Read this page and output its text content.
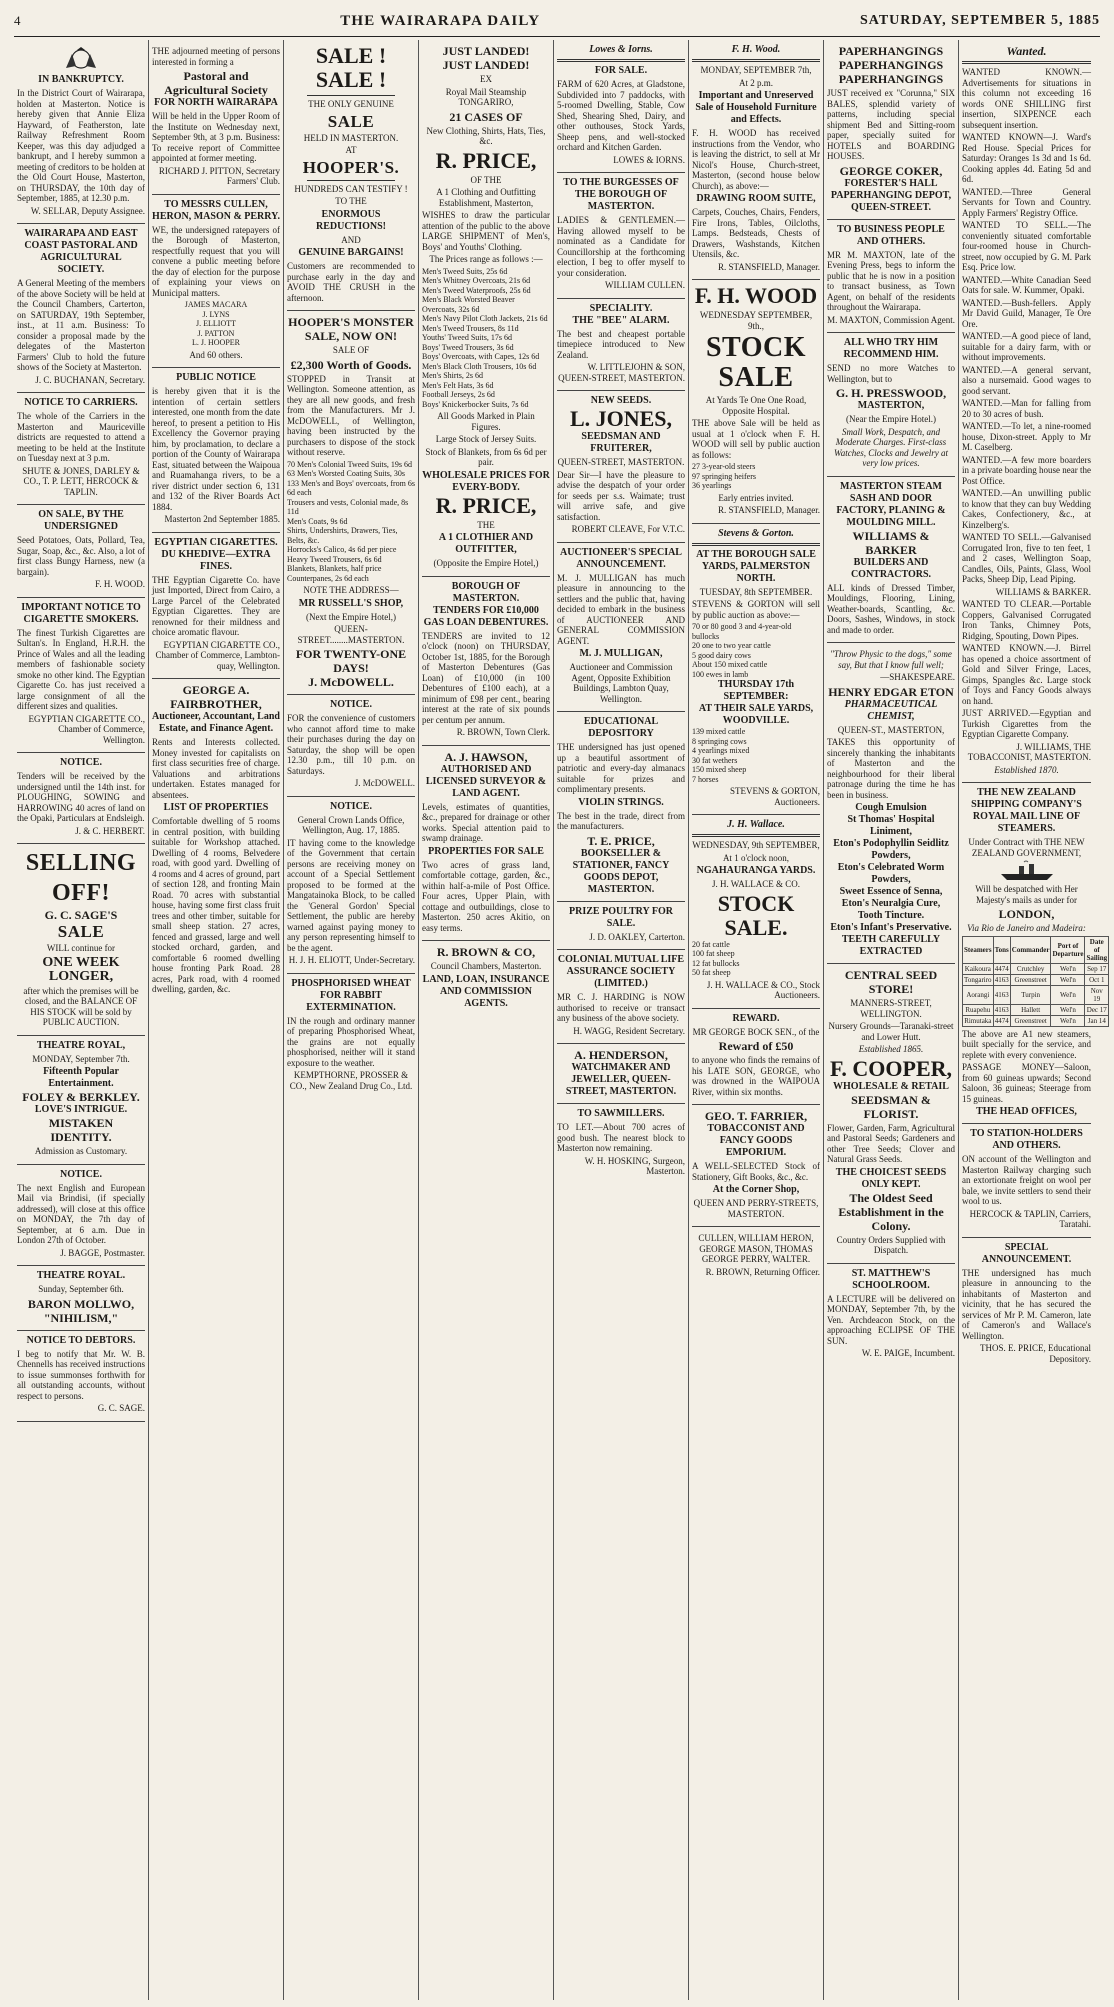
4	THE WAIRARAPA DAILY	SATURDAY, SEPTEMBER 5, 1885
IN BANKRUPTCY.

In the District Court of Wairarapa, holden at Masterton. Notice is hereby given that Annie Eliza Hayward, of Featherston, late Railway Refreshment Room Keeper, was this day adjudged a bankrupt, and I hereby summon a meeting of creditors to be holden at the Old Court House, Masterton, on THURSDAY, the 10th day of September, 1885, at 12.30 p.m.

W. SELLAR, Deputy Assignee.

WAIRARAPA AND EAST COAST PASTORAL AND AGRICULTURAL SOCIETY.

A General Meeting of the members of the above Society will be held at the Council Chambers, Carterton, on SATURDAY, 19th September, inst., at 11 a.m. Business: To consider a proposal made by the delegates of the Masterton Farmers' Club to hold the future shows of the Society at Masterton.

J. C. BUCHANAN, Secretary.

NOTICE TO CARRIERS.

The whole of the Carriers in the Masterton and Mauriceville districts are requested to attend a meeting to be held at the Institute on Tuesday next at 3 p.m.

SHUTE & JONES, DARLEY & CO., T. P. LETT, HERCOCK & TAPLIN.

ON SALE, BY THE UNDERSIGNED

Seed Potatoes, Oats, Pollard, Tea, Sugar, Soap, &c., &c. Also, a lot of first class Bungy Harness, new (a bargain).

F. H. WOOD.

IMPORTANT NOTICE TO CIGARETTE SMOKERS.

The finest Turkish Cigarettes are Sultan's. In England, H.R.H. the Prince of Wales and all the leading members of fashionable society smoke no other kind. The Egyptian Cigarette Co. has just received a large consignment of all the different sizes and qualities.

EGYPTIAN CIGARETTE CO., Chamber of Commerce, Wellington.

NOTICE.

Tenders will be received by the undersigned until the 14th inst. for PLOUGHING, SOWING and HARROWING 40 acres of land on the Opaki, Particulars at Endsleigh.

J. & C. HERBERT.

SELLING OFF!
G. C. SAGE'S
SALE

WILL continue for

ONE WEEK LONGER,

after which the premises will be closed, and the BALANCE OF HIS STOCK will be sold by PUBLIC AUCTION.

THEATRE ROYAL,

MONDAY, September 7th.

Fifteenth Popular Entertainment.
FOLEY & BERKLEY.
LOVE'S INTRIGUE.
MISTAKEN IDENTITY.

Admission as Customary.

NOTICE.

The next English and European Mail via Brindisi, (if specially addressed), will close at this office on MONDAY, the 7th day of September, at 6 a.m. Due in London 27th of October.

J. BAGGE, Postmaster.

THEATRE ROYAL.

Sunday, September 6th.

BARON MOLLWO,
"NIHILISM,"
NOTICE TO DEBTORS.

I beg to notify that Mr. W. B. Chennells has received instructions to issue summonses forthwith for all outstanding accounts, without respect to persons.

G. C. SAGE.

THE adjourned meeting of persons interested in forming a

Pastoral and Agricultural Society
FOR NORTH WAIRARAPA

Will be held in the Upper Room of the Institute on Wednesday next, September 9th, at 3 p.m. Business: To receive report of Committee appointed at former meeting.

RICHARD J. PITTON, Secretary Farmers' Club.

TO MESSRS CULLEN, HERON, MASON & PERRY.

WE, the undersigned ratepayers of the Borough of Masterton, respectfully request that you will convene a public meeting before the day of election for the purpose of explaining your views on Municipal matters.

JAMES MACARA
J. LYNS
J. ELLIOTT
J. PATTON
L. J. HOOPER

And 60 others.

PUBLIC NOTICE

is hereby given that it is the intention of certain settlers interested, one month from the date hereof, to present a petition to His Excellency the Governor praying him, by proclamation, to declare a portion of the County of Wairarapa East, situated between the Waipoua and Ruamahanga rivers, to be a river district under section 6, 131 and 132 of the River Boards Act 1884.

Masterton 2nd September 1885.

EGYPTIAN CIGARETTES.
DU KHEDIVE—EXTRA FINES.

THE Egyptian Cigarette Co. have just Imported, Direct from Cairo, a Large Parcel of the Celebrated Egyptian Cigarettes. They are renowned for their mildness and choice aromatic flavour.

EGYPTIAN CIGARETTE CO., Chamber of Commerce, Lambton-quay, Wellington.

GEORGE A. FAIRBROTHER,
Auctioneer, Accountant, Land Estate, and Finance Agent.

Rents and Interests collected. Money invested for capitalists on first class securities free of charge. Valuations and arbitrations undertaken. Estates managed for absentees.

LIST OF PROPERTIES

Comfortable dwelling of 5 rooms in central position, with building suitable for Workshop attached. Dwelling of 4 rooms, Belvedere road, with good yard. Dwelling of 4 rooms and 4 acres of ground, part of section 128, and fronting Main Road. 70 acres with substantial house, having some first class fruit trees and other timber, suitable for small sheep station. 27 acres, fenced and grassed, large and well stocked orchard, garden, and comfortable 6 roomed dwelling house fronting Park Road. 28 acres, Park road, with 4 roomed dwelling, garden, &c.

SALE ! SALE !

THE ONLY GENUINE

SALE

HELD IN MASTERTON.

AT

HOOPER'S.

HUNDREDS CAN TESTIFY !

TO THE

ENORMOUS REDUCTIONS!

AND

GENUINE BARGAINS!

Customers are recommended to purchase early in the day and AVOID THE CRUSH in the afternoon.

HOOPER'S MONSTER SALE, NOW ON!

SALE OF

£2,300 Worth of Goods.

STOPPED in Transit at Wellington. Someone attention, as they are all new goods, and fresh from the Manufacturers. Mr J. McDOWELL, of Wellington, having been instructed by the purchasers to dispose of the stock without reserve.

70 Men's Colonial Tweed Suits, 19s 6d
63 Men's Worsted Coating Suits, 30s
133 Men's and Boys' overcoats, from 6s 6d each
Trousers and vests, Colonial made, 8s 11d
Men's Coats, 9s 6d
Shirts, Undershirts, Drawers, Ties, Belts, &c.
Horrocks's Calico, 4s 6d per piece
Heavy Tweed Trousers, 6s 6d
Blankets, Blankets, half price
Counterpanes, 2s 6d each

NOTE THE ADDRESS—

MR RUSSELL'S SHOP,

(Next the Empire Hotel,)

QUEEN-STREET........MASTERTON.

FOR TWENTY-ONE DAYS!
J. McDOWELL.
NOTICE.

FOR the convenience of customers who cannot afford time to make their purchases during the day on Saturday, the shop will be open 12.30 p.m., till 10 p.m. on Saturdays.

J. McDOWELL.

NOTICE.

General Crown Lands Office, Wellington, Aug. 17, 1885.

IT having come to the knowledge of the Government that certain persons are receiving money on account of a Special Settlement proposed to be formed at the Mangatainoka Block, to be called the 'General Gordon' Special Settlement, the public are hereby warned against paying money to any person representing himself to be the agent.

H. J. H. ELIOTT, Under-Secretary.

PHOSPHORISED WHEAT FOR RABBIT EXTERMINATION.

IN the rough and ordinary manner of preparing Phosphorised Wheat, the grains are not equally phosphorised, neither will it stand exposure to the weather.

KEMPTHORNE, PROSSER & CO., New Zealand Drug Co., Ltd.

JUST LANDED!
JUST LANDED!

EX

Royal Mail Steamship TONGARIRO,

21 CASES OF

New Clothing, Shirts, Hats, Ties, &c.

R. PRICE,

OF THE

A 1 Clothing and Outfitting Establishment, Masterton,

WISHES to draw the particular attention of the public to the above LARGE SHIPMENT of Men's, Boys' and Youths' Clothing.

The Prices range as follows :—

Men's Tweed Suits, 25s 6d
Men's Whitney Overcoats, 21s 6d
Men's Tweed Waterproofs, 25s 6d
Men's Black Worsted Beaver Overcoats, 32s 6d
Men's Navy Pilot Cloth Jackets, 21s 6d
Men's Tweed Trousers, 8s 11d
Youths' Tweed Suits, 17s 6d
Boys' Tweed Trousers, 3s 6d
Boys' Overcoats, with Capes, 12s 6d
Men's Black Cloth Trousers, 10s 6d
Men's Shirts, 2s 6d
Men's Felt Hats, 3s 6d
Football Jerseys, 2s 6d
Boys' Knickerbocker Suits, 7s 6d

All Goods Marked in Plain Figures.

Large Stock of Jersey Suits.

Stock of Blankets, from 6s 6d per pair.

WHOLESALE PRICES FOR EVERY-BODY.
R. PRICE,

THE

A 1 CLOTHIER AND OUTFITTER,

(Opposite the Empire Hotel,)

BOROUGH OF MASTERTON.
TENDERS FOR £10,000 GAS LOAN DEBENTURES.

TENDERS are invited to 12 o'clock (noon) on THURSDAY, October 1st, 1885, for the Borough of Masterton Debentures (Gas Loan) of £10,000 (in 100 Debentures of £100 each), at a minimum of £98 per cent., bearing interest at the rate of six pounds per centum per annum.

R. BROWN, Town Clerk.

A. J. HAWSON,
AUTHORISED AND LICENSED SURVEYOR & LAND AGENT.

Levels, estimates of quantities, &c., prepared for drainage or other works. Special attention paid to swamp drainage.

PROPERTIES FOR SALE

Two acres of grass land, comfortable cottage, garden, &c., within half-a-mile of Post Office. Four acres, Upper Plain, with cottage and outbuildings, close to Masterton. 250 acres Akitio, on easy terms.

R. BROWN & CO,

Council Chambers, Masterton.

LAND, LOAN, INSURANCE AND COMMISSION AGENTS.
Lowes & Iorns.
FOR SALE.

FARM of 620 Acres, at Gladstone, Subdivided into 7 paddocks, with 5-roomed Dwelling, Stable, Cow Shed, Shearing Shed, Dairy, and other outhouses, Stock Yards, Sheep pens, and well-stocked orchard and Kitchen Garden.

LOWES & IORNS.

TO THE BURGESSES OF THE BOROUGH OF MASTERTON.

LADIES & GENTLEMEN.—Having allowed myself to be nominated as a Candidate for Councillorship at the forthcoming election, I beg to offer myself to your consideration.

WILLIAM CULLEN.

SPECIALITY.
THE "BEE" ALARM.

The best and cheapest portable timepiece introduced to New Zealand.

W. LITTLEJOHN & SON, QUEEN-STREET, MASTERTON.

NEW SEEDS.
L. JONES,
SEEDSMAN AND FRUITERER,

QUEEN-STREET, MASTERTON.

Dear Sir—I have the pleasure to advise the despatch of your order for seeds per s.s. Waimate; trust will arrive safe, and give satisfaction.

ROBERT CLEAVE, For V.T.C.

AUCTIONEER'S SPECIAL ANNOUNCEMENT.

M. J. MULLIGAN has much pleasure in announcing to the settlers and the public that, having decided to embark in the business of AUCTIONEER AND GENERAL COMMISSION AGENT.

M. J. MULLIGAN,

Auctioneer and Commission Agent, Opposite Exhibition Buildings, Lambton Quay, Wellington.

EDUCATIONAL DEPOSITORY

THE undersigned has just opened up a beautiful assortment of patriotic and every-day almanacs suitable for prizes and complimentary presents.

VIOLIN STRINGS.

The best in the trade, direct from the manufacturers.

T. E. PRICE,
BOOKSELLER & STATIONER, FANCY GOODS DEPOT, MASTERTON.
PRIZE POULTRY FOR SALE.

J. D. OAKLEY, Carterton.

COLONIAL MUTUAL LIFE ASSURANCE SOCIETY (LIMITED.)

MR C. J. HARDING is NOW authorised to receive or transact any business of the above society.

H. WAGG, Resident Secretary.

A. HENDERSON,
WATCHMAKER AND JEWELLER, QUEEN-STREET, MASTERTON.
TO SAWMILLERS.

TO LET.—About 700 acres of good bush. The nearest block to Masterton now remaining.

W. H. HOSKING, Surgeon, Masterton.

F. H. Wood.

MONDAY, SEPTEMBER 7th,

At 2 p.m.

Important and Unreserved Sale of Household Furniture and Effects.

F. H. WOOD has received instructions from the Vendor, who is leaving the district, to sell at Mr Nicol's House, Church-street, Masterton, (second house below Church), as above:—

DRAWING ROOM SUITE,

Carpets, Couches, Chairs, Fenders, Fire Irons, Tables, Oilcloths, Lamps. Bedsteads, Chests of Drawers, Washstands, Kitchen Utensils, &c.

R. STANSFIELD, Manager.

F. H. WOOD

WEDNESDAY SEPTEMBER, 9th.,

STOCK SALE

At Yards Te One One Road, Opposite Hospital.

THE above Sale will be held as usual at 1 o'clock when F. H. WOOD will sell by public auction as follows:

27 3-year-old steers
97 springing heifers
36 yearlings

Early entries invited.

R. STANSFIELD, Manager.

Stevens & Gorton.
AT THE BOROUGH SALE YARDS, PALMERSTON NORTH.

TUESDAY, 8th SEPTEMBER.

STEVENS & GORTON will sell by public auction as above:—

70 or 80 good 3 and 4-year-old bullocks
20 one to two year cattle
5 good dairy cows
About 150 mixed cattle
100 ewes in lamb
THURSDAY 17th SEPTEMBER:
AT THEIR SALE YARDS, WOODVILLE.
139 mixed cattle
8 springing cows
4 yearlings mixed
30 fat wethers
150 mixed sheep
7 horses

STEVENS & GORTON, Auctioneers.

J. H. Wallace.

WEDNESDAY, 9th SEPTEMBER,

At 1 o'clock noon,

NGAHAURANGA YARDS.

J. H. WALLACE & CO.

STOCK SALE.
20 fat cattle
100 fat sheep
12 fat bullocks
50 fat sheep

J. H. WALLACE & CO., Stock Auctioneers.

REWARD.

MR GEORGE BOCK SEN., of the

Reward of £50

to anyone who finds the remains of his LATE SON, GEORGE, who was drowned in the WAIPOUA River, within six months.

GEO. T. FARRIER,
TOBACCONIST AND FANCY GOODS EMPORIUM.

A WELL-SELECTED Stock of Stationery, Gift Books, &c., &c.

At the Corner Shop,

QUEEN AND PERRY-STREETS, MASTERTON.

CULLEN, WILLIAM HERON, GEORGE MASON, THOMAS GEORGE PERRY, WALTER.

R. BROWN, Returning Officer.

PAPERHANGINGS
PAPERHANGINGS
PAPERHANGINGS

JUST received ex "Corunna," SIX BALES, splendid variety of patterns, including special shipment Bed and Sitting-room paper, specially suited for HOTELS and BOARDING HOUSES.

GEORGE COKER,
FORESTER'S HALL PAPERHANGING DEPOT, QUEEN-STREET.
TO BUSINESS PEOPLE AND OTHERS.

MR M. MAXTON, late of the Evening Press, begs to inform the public that he is now in a position to transact business, as Town Agent, on behalf of the residents throughout the Wairarapa.

M. MAXTON, Commission Agent.

ALL WHO TRY HIM RECOMMEND HIM.

SEND no more Watches to Wellington, but to

G. H. PRESSWOOD,
MASTERTON,

(Near the Empire Hotel.)

Small Work, Despatch, and Moderate Charges. First-class Watches, Clocks and Jewelry at very low prices.

MASTERTON STEAM SASH AND DOOR FACTORY, PLANING & MOULDING MILL.
WILLIAMS & BARKER
BUILDERS AND CONTRACTORS.

ALL kinds of Dressed Timber, Mouldings, Flooring, Lining, Weather-boards, Scantling, &c. Doors, Sashes, Windows, in stock and made to order.

"Throw Physic to the dogs," some say, But that I know full well;

—SHAKESPEARE.

HENRY EDGAR ETON
PHARMACEUTICAL CHEMIST,

QUEEN-ST., MASTERTON,

TAKES this opportunity of sincerely thanking the inhabitants of Masterton and the neighbourhood for their liberal patronage during the time he has been in business.

Cough Emulsion
St Thomas' Hospital Liniment,
Eton's Podophyllin Seidlitz Powders,
Eton's Celebrated Worm Powders,
Sweet Essence of Senna,
Eton's Neuralgia Cure,
Tooth Tincture.
Eton's Infant's Preservative.
TEETH CAREFULLY EXTRACTED
CENTRAL SEED STORE!

MANNERS-STREET, WELLINGTON.

Nursery Grounds—Taranaki-street and Lower Hutt.

Established 1865.

F. COOPER,
WHOLESALE & RETAIL
SEEDSMAN & FLORIST.

Flower, Garden, Farm, Agricultural and Pastoral Seeds; Gardeners and other Tree Seeds; Clover and Natural Grass Seeds.

THE CHOICEST SEEDS ONLY KEPT.
The Oldest Seed Establishment in the Colony.

Country Orders Supplied with Dispatch.

ST. MATTHEW'S SCHOOLROOM.

A LECTURE will be delivered on MONDAY, September 7th, by the Ven. Archdeacon Stock, on the approaching ECLIPSE OF THE SUN.

W. E. PAIGE, Incumbent.

Wanted.

WANTED KNOWN.—Advertisements for situations in this column not exceeding 16 words ONE SHILLING first insertion, SIXPENCE each subsequent insertion.

WANTED KNOWN—J. Ward's Red House. Special Prices for Saturday: Oranges 1s 3d and 1s 6d. Cooking apples 4d. Eating 5d and 6d.

WANTED.—Three General Servants for Town and Country. Apply Farmers' Registry Office.

WANTED TO SELL.—The conveniently situated comfortable four-roomed house in Church-street, now occupied by G. M. Park Esq. Price low.

WANTED.—White Canadian Seed Oats for sale. W. Kummer, Opaki.

WANTED.—Bush-fellers. Apply Mr David Guild, Manager, Te Ore Ore.

WANTED.—A good piece of land, suitable for a dairy farm, with or without improvements.

WANTED.—A general servant, also a nursemaid. Good wages to good servant.

WANTED.—Man for falling from 20 to 30 acres of bush.

WANTED.—To let, a nine-roomed house, Dixon-street. Apply to Mr M. Caselberg.

WANTED.—A few more boarders in a private boarding house near the Post Office.

WANTED.—An unwilling public to know that they can buy Wedding Cakes, Confectionery, &c., at Kinzelberg's.

WANTED TO SELL.—Galvanised Corrugated Iron, five to ten feet, 1 and 2 cases, Wellington Soap, Candles, Oils, Paints, Glass, Wool Packs, Sheep Dip, Lead Piping.

WILLIAMS & BARKER.

WANTED TO CLEAR.—Portable Coppers, Galvanised Corrugated Iron Tanks, Chimney Pots, Ridging, Spouting, Down Pipes.

WANTED KNOWN.—J. Birrel has opened a choice assortment of Gold and Silver Fringe, Laces, Gimps, Spangles &c. Large stock of Toys and Fancy Goods always on hand.

JUST ARRIVED.—Egyptian and Turkish Cigarettes from the Egyptian Cigarette Company.

J. WILLIAMS, THE TOBACCONIST, MASTERTON.

Established 1870.

THE NEW ZEALAND SHIPPING COMPANY'S ROYAL MAIL LINE OF STEAMERS.

Under Contract with THE NEW ZEALAND GOVERNMENT,

Will be despatched with Her Majesty's mails as under for

LONDON,

Via Rio de Janeiro and Madeira:

Steamers	Tons	Commander	Port of Departure	Date of Sailing
Kaikoura	4474	Crutchley	Wel'n	Sep 17
Tongariro	4163	Greenstreet	Wel'n	Oct 1
Aorangi	4163	Turpin	Wel'n	Nov 19
Ruapehu	4163	Hallett	Wel'n	Dec 17
Rimutaka	4474	Greenstreet	Wel'n	Jan 14

The above are A1 new steamers, built specially for the service, and replete with every convenience.

PASSAGE MONEY—Saloon, from 60 guineas upwards; Second Saloon, 36 guineas; Steerage from 15 guineas.

THE HEAD OFFICES,
TO STATION-HOLDERS AND OTHERS.

ON account of the Wellington and Masterton Railway charging such an extortionate freight on wool per bale, we invite settlers to send their wool to us.

HERCOCK & TAPLIN, Carriers, Taratahi.

SPECIAL ANNOUNCEMENT.

THE undersigned has much pleasure in announcing to the inhabitants of Masterton and vicinity, that he has secured the services of Mr P. M. Cameron, late of Cameron's and Wallace's Wellington.

THOS. E. PRICE, Educational Depository.
